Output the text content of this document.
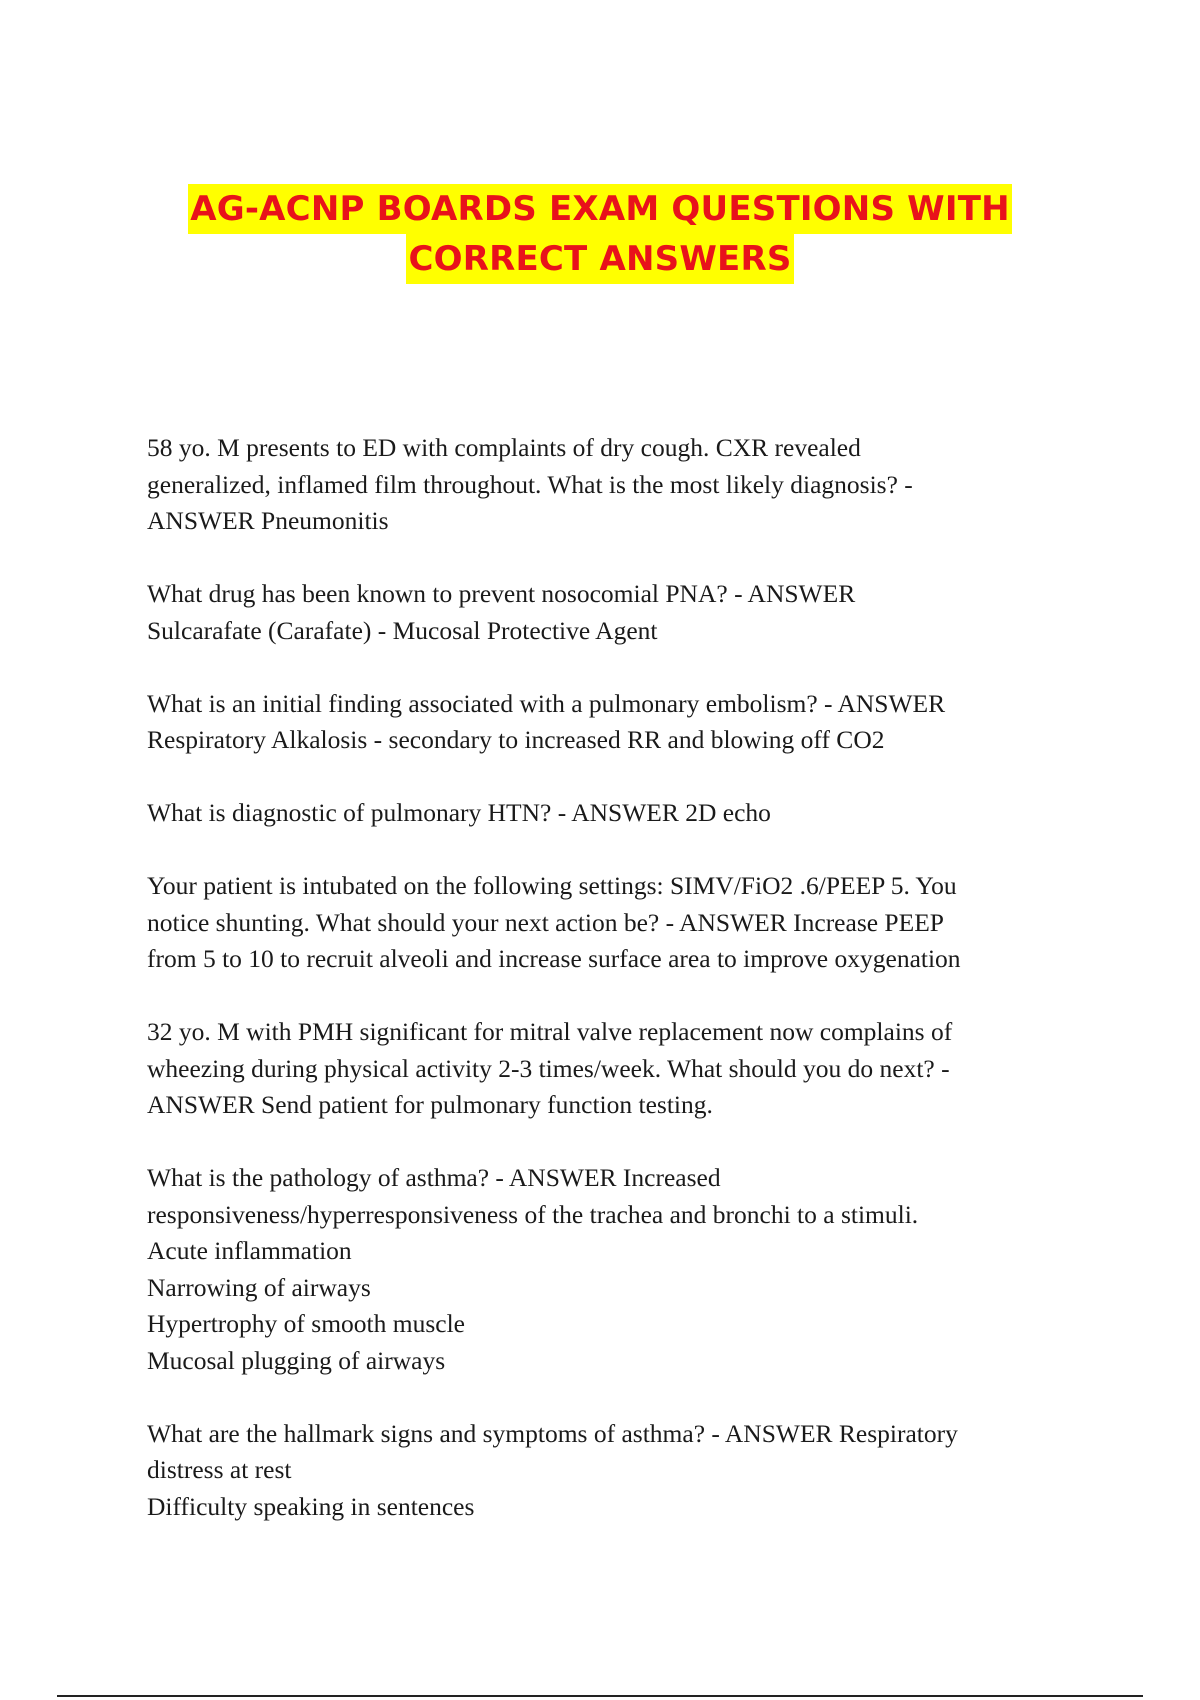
AG-ACNP BOARDS EXAM QUESTIONS WITH
CORRECT ANSWERS
58 yo. M presents to ED with complaints of dry cough. CXR revealed
generalized, inflamed film throughout. What is the most likely diagnosis? -
ANSWER Pneumonitis
What drug has been known to prevent nosocomial PNA? - ANSWER
Sulcarafate (Carafate) - Mucosal Protective Agent
What is an initial finding associated with a pulmonary embolism? - ANSWER
Respiratory Alkalosis - secondary to increased RR and blowing off CO2
What is diagnostic of pulmonary HTN? - ANSWER 2D echo
Your patient is intubated on the following settings: SIMV/FiO2 .6/PEEP 5. You
notice shunting. What should your next action be? - ANSWER Increase PEEP
from 5 to 10 to recruit alveoli and increase surface area to improve oxygenation
32 yo. M with PMH significant for mitral valve replacement now complains of
wheezing during physical activity 2-3 times/week. What should you do next? -
ANSWER Send patient for pulmonary function testing.
What is the pathology of asthma? - ANSWER Increased
responsiveness/hyperresponsiveness of the trachea and bronchi to a stimuli.
Acute inflammation
Narrowing of airways
Hypertrophy of smooth muscle
Mucosal plugging of airways
What are the hallmark signs and symptoms of asthma? - ANSWER Respiratory
distress at rest
Difficulty speaking in sentences
